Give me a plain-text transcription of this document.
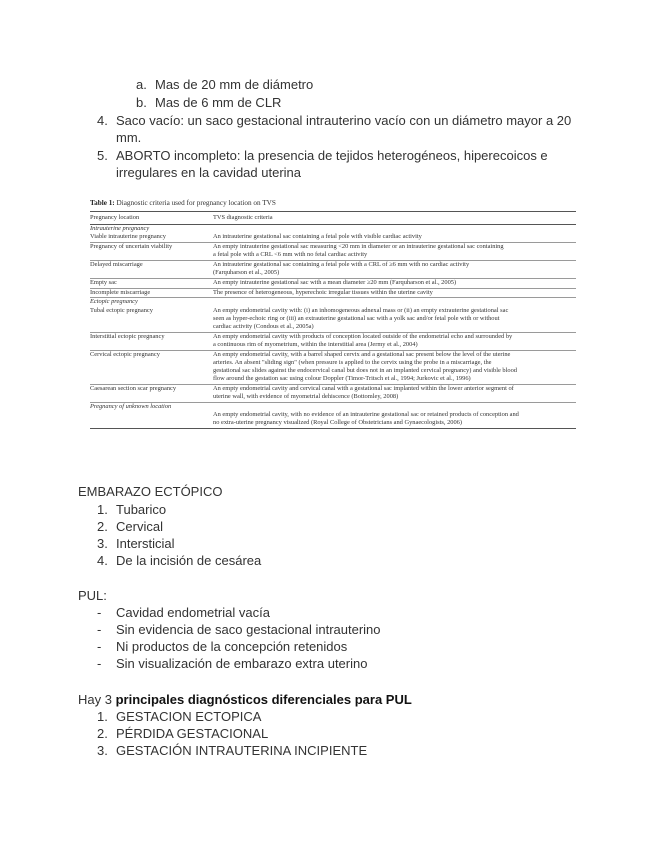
a. Mas de 20 mm de diámetro
b. Mas de 6 mm de CLR
4. Saco vacío: un saco gestacional intrauterino vacío con un diámetro mayor a 20
mm.
5. ABORTO incompleto: la presencia de tejidos heterogéneos, hiperecoicos e
irregulares en la cavidad uterina
Table 1: Diagnostic criteria used for pregnancy location on TVS
Pregnancy location	TVS diagnostic criteria
Intrauterine pregnancy	
Viable intrauterine pregnancy	An intrauterine gestational sac containing a fetal pole with visible cardiac activity

Pregnancy of uncertain viability	An empty intrauterine gestational sac measuring <20 mm in diameter or an intrauterine gestational sac containing
a fetal pole with a CRL <6 mm with no fetal cardiac activity

Delayed miscarriage	An intrauterine gestational sac containing a fetal pole with a CRL of ≥6 mm with no cardiac activity
(Farquharson et al., 2005)

Empty sac	An empty intrauterine gestational sac with a mean diameter ≥20 mm (Farquharson et al., 2005)

Incomplete miscarriage	The presence of heterogeneous, hyperechoic irregular tissues within the uterine cavity

Ectopic pregnancy	
Tubal ectopic pregnancy	An empty endometrial cavity with: (i) an inhomogeneous adnexal mass or (ii) an empty extrauterine gestational sac
seen as hyper-echoic ring or (iii) an extrauterine gestational sac with a yolk sac and/or fetal pole with or without
cardiac activity (Condous et al., 2005a)

Interstitial ectopic pregnancy	An empty endometrial cavity with products of conception located outside of the endometrial echo and surrounded by
a continuous rim of myometrium, within the interstitial area (Jermy et al., 2004)

Cervical ectopic pregnancy	An empty endometrial cavity, with a barrel shaped cervix and a gestational sac present below the level of the uterine
arteries. An absent "sliding sign" (when pressure is applied to the cervix using the probe in a miscarriage, the
gestational sac slides against the endocervical canal but does not in an implanted cervical pregnancy) and visible blood
flow around the gestation sac using colour Doppler (Timor-Tritsch et al., 1994; Jurkovic et al., 1996)

Caesarean section scar pregnancy	An empty endometrial cavity and cervical canal with a gestational sac implanted within the lower anterior segment of
uterine wall, with evidence of myometrial dehiscence (Bottomley, 2008)

Pregnancy of unknown location	

	An empty endometrial cavity, with no evidence of an intrauterine gestational sac or retained products of conception and
no extra-uterine pregnancy visualized (Royal College of Obstetricians and Gynaecologists, 2006)
EMBARAZO ECTÓPICO
1. Tubarico
2. Cervical
3. Intersticial
4. De la incisión de cesárea
PUL:
- Cavidad endometrial vacía
- Sin evidencia de saco gestacional intrauterino
- Ni productos de la concepción retenidos
- Sin visualización de embarazo extra uterino
Hay 3 principales diagnósticos diferenciales para PUL
1. GESTACION ECTOPICA
2. PÉRDIDA GESTACIONAL
3. GESTACIÓN INTRAUTERINA INCIPIENTE
